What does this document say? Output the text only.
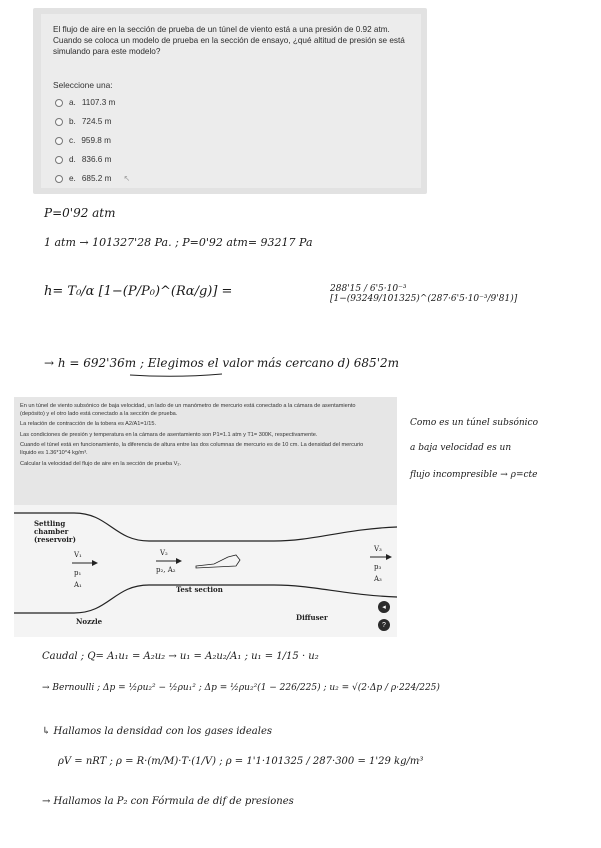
El flujo de aire en la sección de prueba de un túnel de viento está a una presión de 0.92 atm. Cuando se coloca un modelo de prueba en la sección de ensayo, ¿qué altitud de presión se está simulando para este modelo?
Seleccione una:
a. 1107.3 m
b. 724.5 m
c. 959.8 m
d. 836.6 m
e. 685.2 m ↖
P=0'92 atm
1 atm → 101327'28 Pa. ; P=0'92 atm= 93217 Pa
h= T₀/α [1−(P/P₀)^(Rα/g)] =	288'15 / 6'5·10⁻³ [1−(93249/101325)^(287·6'5·10⁻³/9'81)]
→ h = 692'36m ; Elegimos el valor más cercano d) 685'2m

En un túnel de viento subsónico de baja velocidad, un lado de un manómetro de mercurio está conectado a la cámara de asentamiento (depósito) y el otro lado está conectado a la sección de prueba.

La relación de contracción de la tobera es A2/A1=1/15.

Las condiciones de presión y temperatura en la cámara de asentamiento son P1=1.1 atm y T1= 300K, respectivamente.

Cuando el túnel está en funcionamiento, la diferencia de altura entre las dos columnas de mercurio es de 10 cm. La densidad del mercurio líquido es 1.36*10^4 kg/m³.

Calcular la velocidad del flujo de aire en la sección de prueba V₂.

Settling
chamber
(reservoir)
V₁
p₁
A₁
V₂
p₂, A₂
V₃
p₃
A₃
Test section
Nozzle	Diffuser
◂
?
Como es un túnel subsónico
a baja velocidad es un
flujo incompresible → ρ=cte
Caudal ; Q= A₁u₁ = A₂u₂ → u₁ = A₂u₂/A₁ ; u₁ = 1/15 · u₂
→ Bernoulli ; Δp = ½ρu₂² − ½ρu₁² ; Δp = ½ρu₂²(1 − 226/225) ; u₂ = √(2·Δp / ρ·224/225)
↳ Hallamos la densidad con los gases ideales
ρV = nRT ; ρ = R·(m/M)·T·(1/V) ; ρ = 1'1·101325 / 287·300 = 1'29 kg/m³
→ Hallamos la P₂ con Fórmula de dif de presiones
